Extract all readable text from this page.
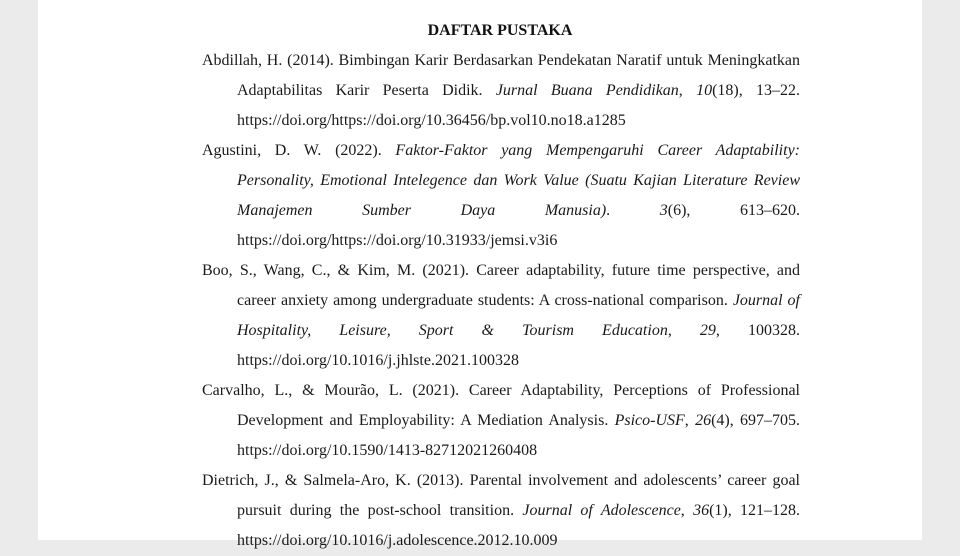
DAFTAR PUSTAKA

Abdillah, H. (2014). Bimbingan Karir Berdasarkan Pendekatan Naratif untuk Meningkatkan Adaptabilitas Karir Peserta Didik. Jurnal Buana Pendidikan, 10(18), 13–22. https://doi.org/https://doi.org/10.36456/bp.vol10.no18.a1285

Agustini, D. W. (2022). Faktor-Faktor yang Mempengaruhi Career Adaptability: Personality, Emotional Intelegence dan Work Value (Suatu Kajian Literature Review Manajemen Sumber Daya Manusia). 3(6), 613–620. https://doi.org/https://doi.org/10.31933/jemsi.v3i6

Boo, S., Wang, C., & Kim, M. (2021). Career adaptability, future time perspective, and career anxiety among undergraduate students: A cross-national comparison. Journal of Hospitality, Leisure, Sport & Tourism Education, 29, 100328. https://doi.org/10.1016/j.jhlste.2021.100328

Carvalho, L., & Mourão, L. (2021). Career Adaptability, Perceptions of Professional Development and Employability: A Mediation Analysis. Psico-USF, 26(4), 697–705. https://doi.org/10.1590/1413-82712021260408

Dietrich, J., & Salmela-Aro, K. (2013). Parental involvement and adolescents’ career goal pursuit during the post-school transition. Journal of Adolescence, 36(1), 121–128. https://doi.org/10.1016/j.adolescence.2012.10.009
